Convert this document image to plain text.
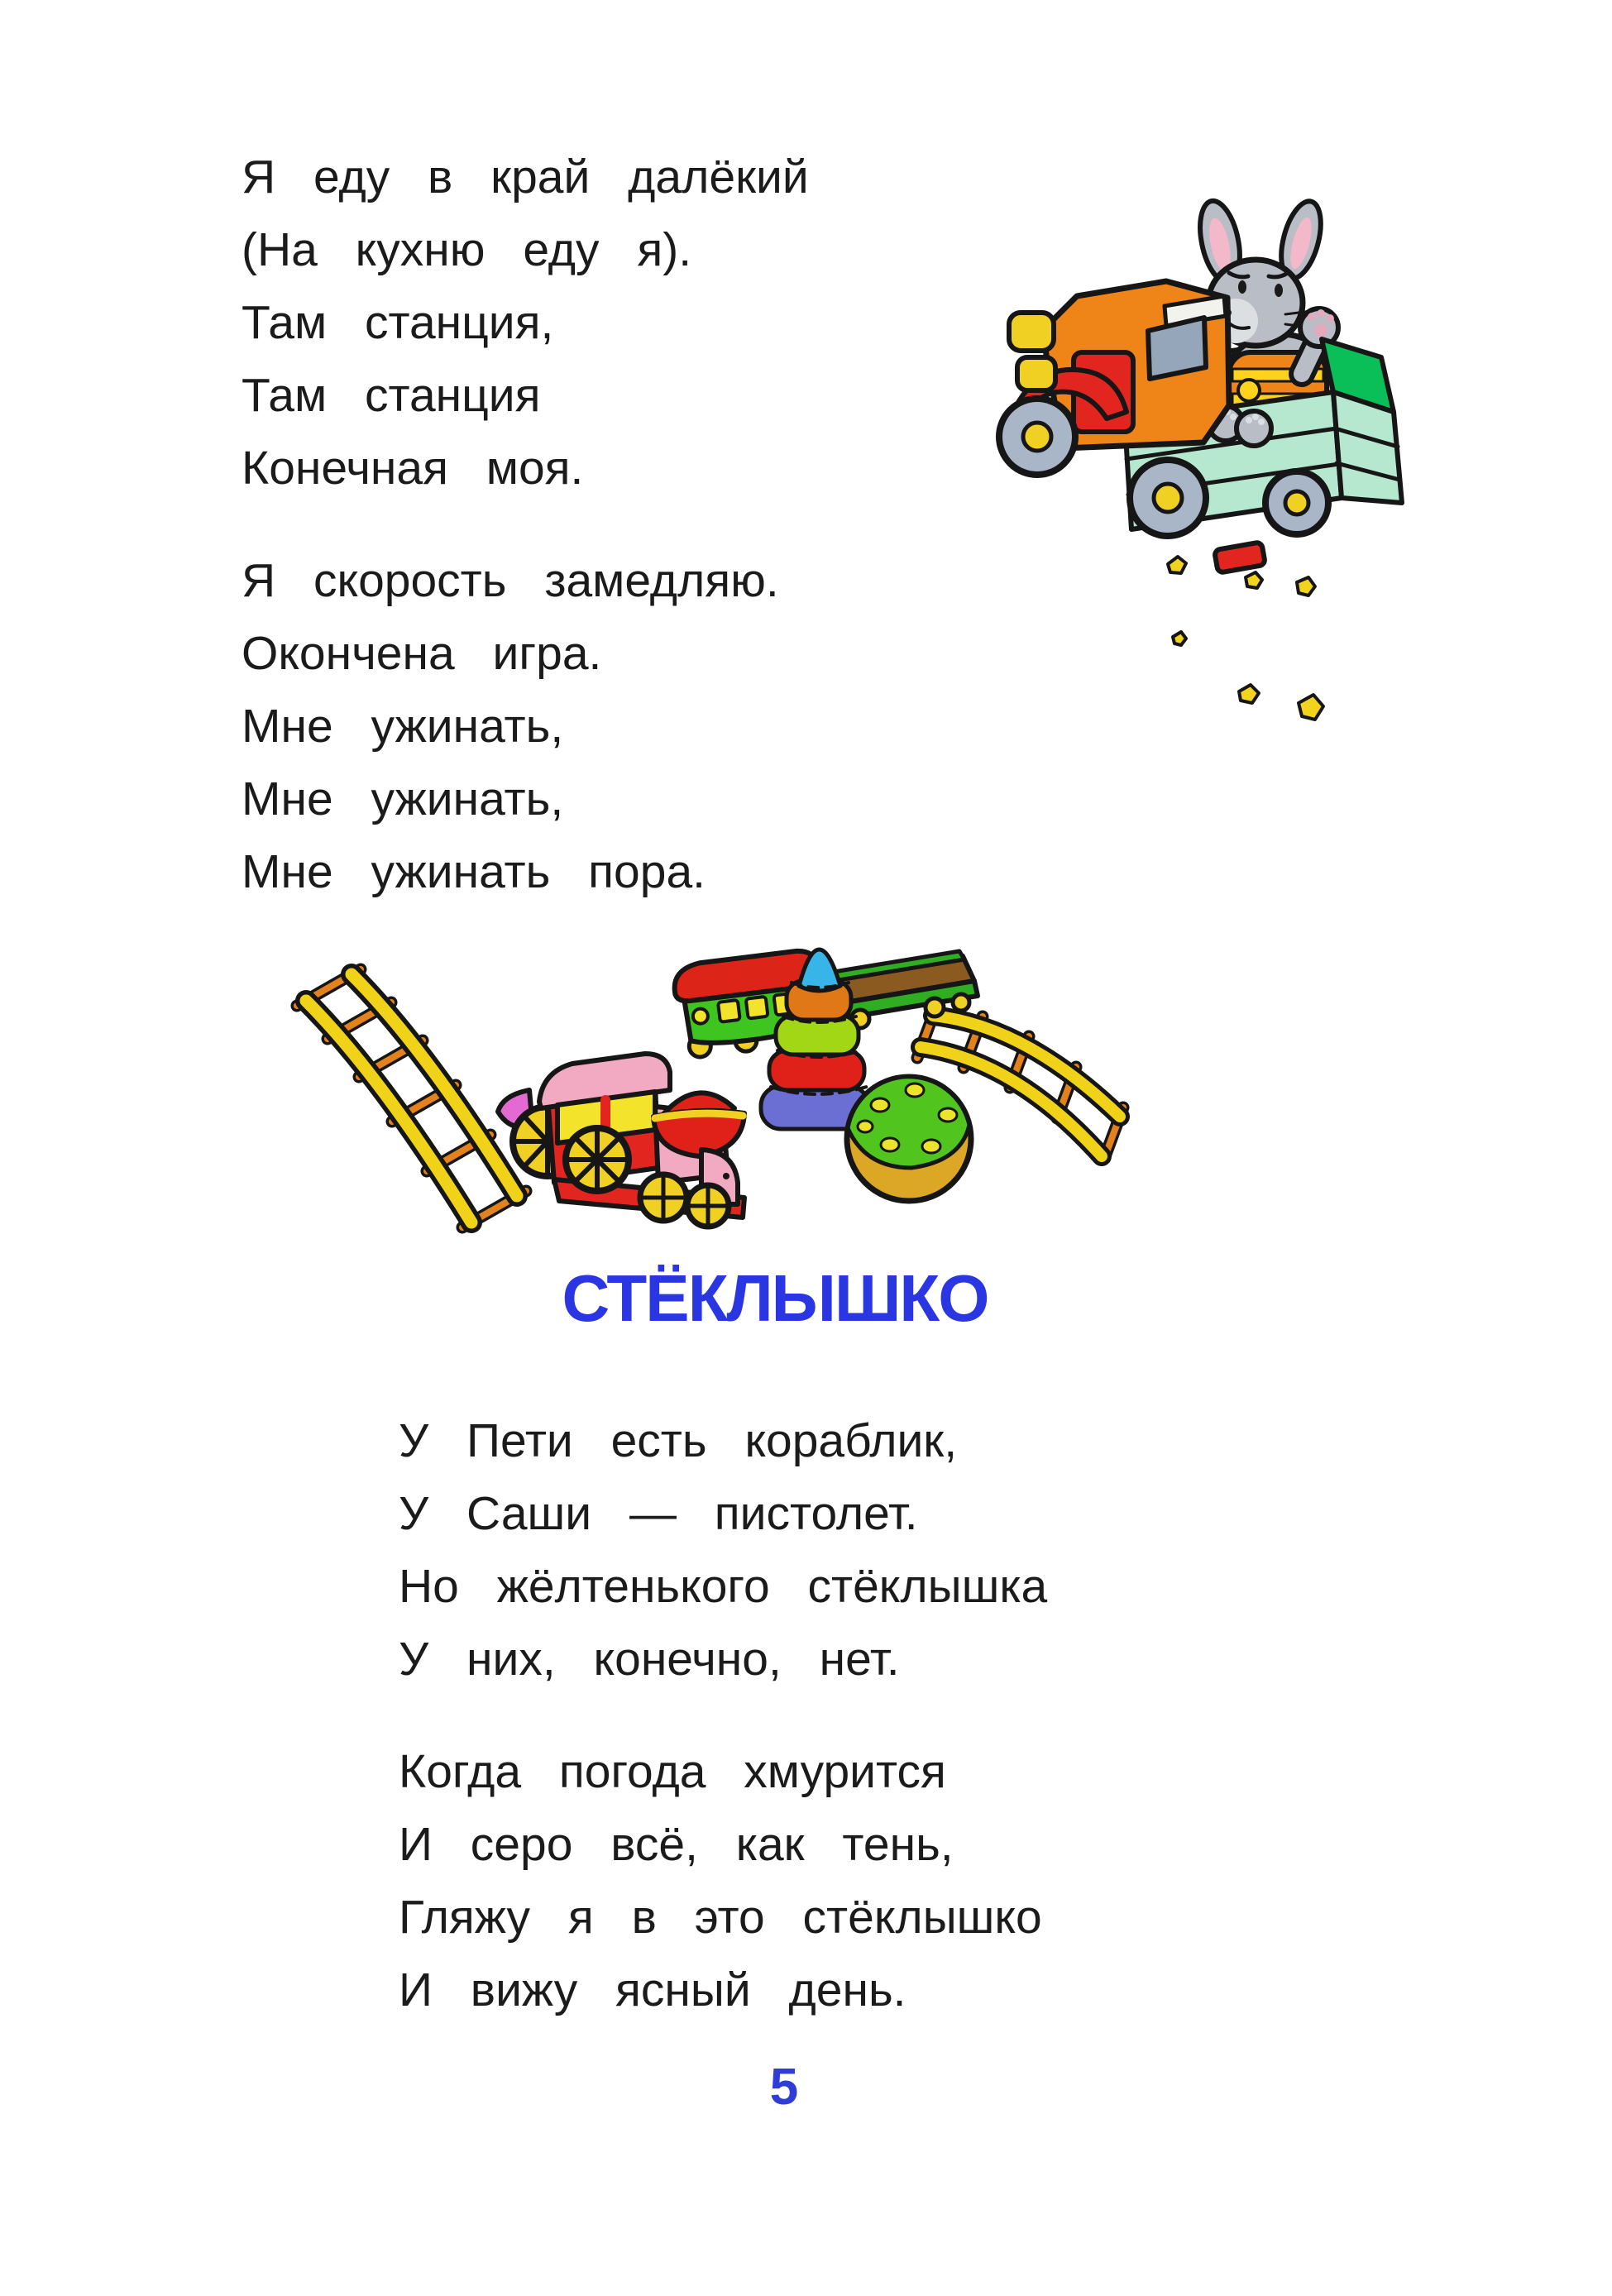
Я еду в край далёкий
(На кухню еду я).
Там станция,
Там станция
Конечная моя.
Я скорость замедляю.
Окончена игра.
Мне ужинать,
Мне ужинать,
Мне ужинать пора.
СТЁКЛЫШКО
У Пети есть кораблик,
У Саши — пистолет.
Но жёлтенького стёклышка
У них, конечно, нет.
Когда погода хмурится
И серо всё, как тень,
Гляжу я в это стёклышко
И вижу ясный день.
5
